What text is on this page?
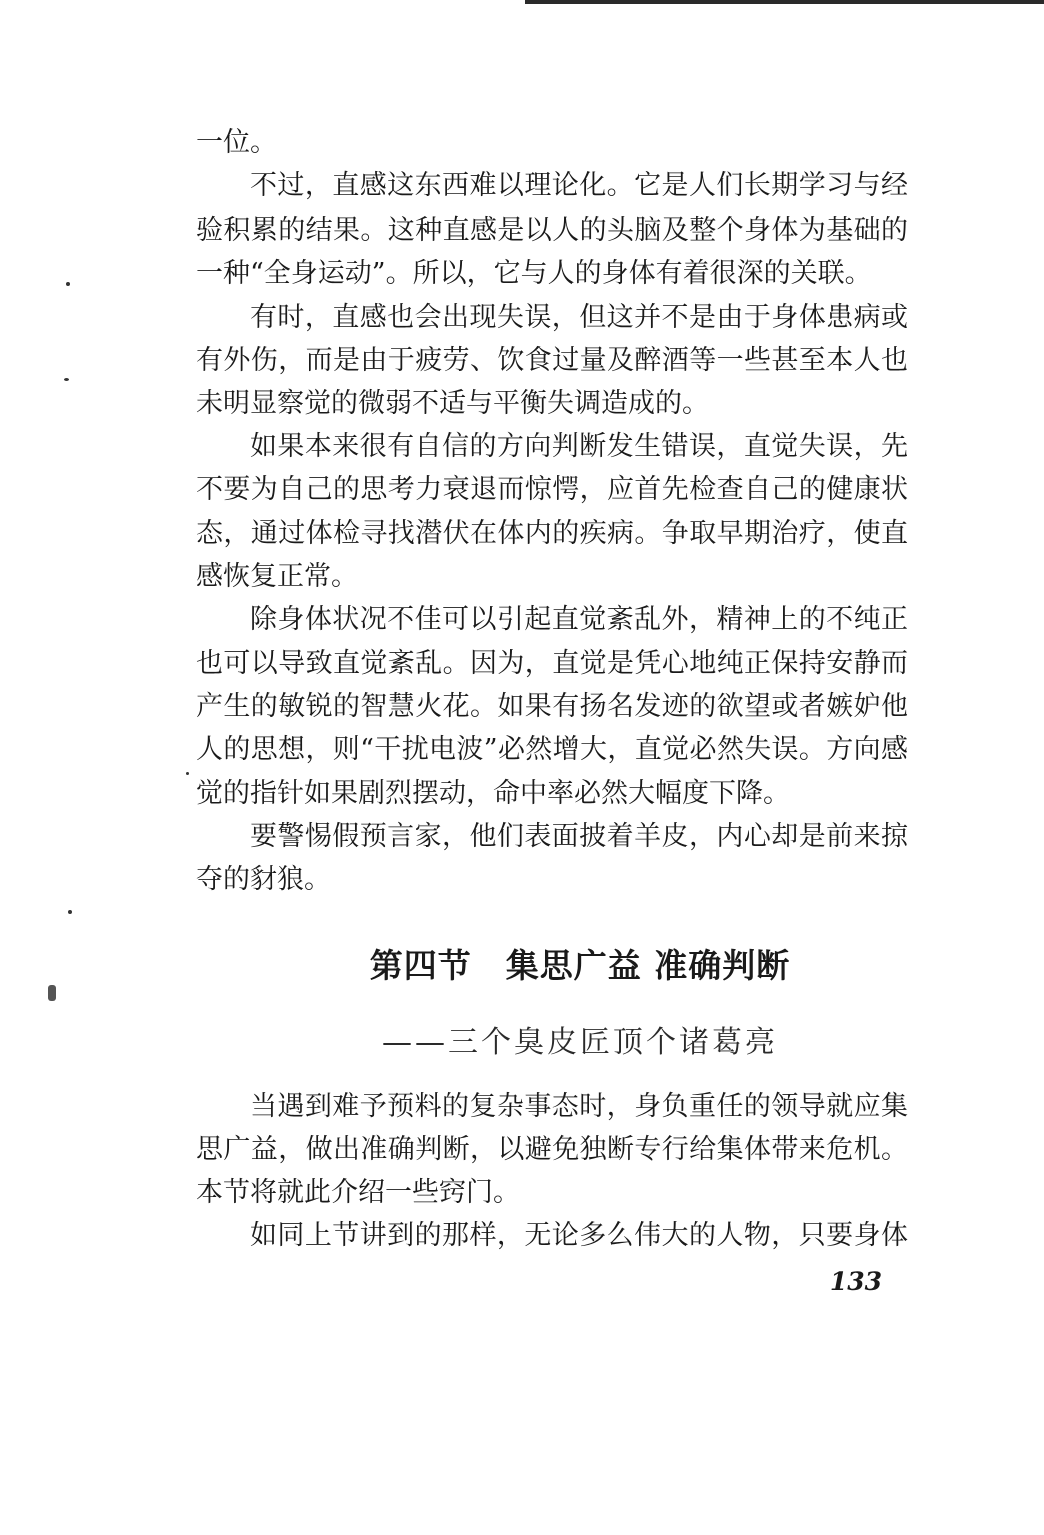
一位。
不过，直感这东西难以理论化。它是人们长期学习与经
验积累的结果。这种直感是以人的头脑及整个身体为基础的
一种“全身运动”。所以，它与人的身体有着很深的关联。
有时，直感也会出现失误，但这并不是由于身体患病或
有外伤，而是由于疲劳、饮食过量及醉酒等一些甚至本人也
未明显察觉的微弱不适与平衡失调造成的。
如果本来很有自信的方向判断发生错误，直觉失误，先
不要为自己的思考力衰退而惊愕，应首先检查自己的健康状
态，通过体检寻找潜伏在体内的疾病。争取早期治疗，使直
感恢复正常。
除身体状况不佳可以引起直觉紊乱外，精神上的不纯正
也可以导致直觉紊乱。因为，直觉是凭心地纯正保持安静而
产生的敏锐的智慧火花。如果有扬名发迹的欲望或者嫉妒他
人的思想，则“干扰电波”必然增大，直觉必然失误。方向感
觉的指针如果剧烈摆动，命中率必然大幅度下降。
要警惕假预言家，他们表面披着羊皮，内心却是前来掠
夺的豺狼。
第四节　集思广益 准确判断
——三个臭皮匠顶个诸葛亮
当遇到难予预料的复杂事态时，身负重任的领导就应集
思广益，做出准确判断，以避免独断专行给集体带来危机。
本节将就此介绍一些窍门。
如同上节讲到的那样，无论多么伟大的人物，只要身体
133
